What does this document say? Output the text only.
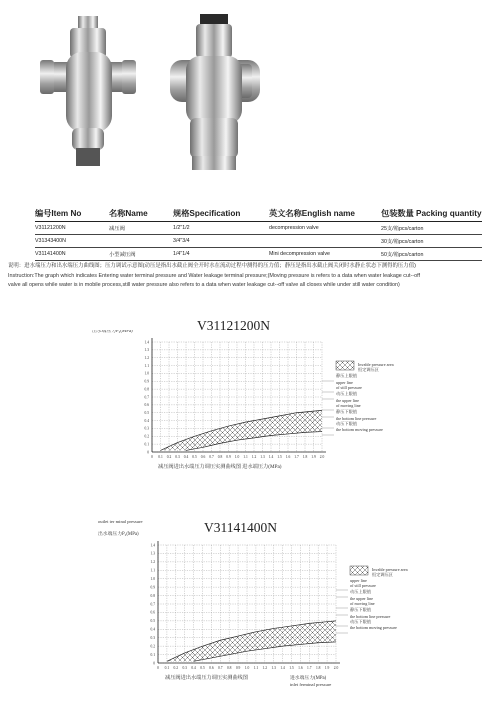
编号Item No	名称Name	规格Specification	英文名称English name	包装数量 Packing quantity
V31121200N	减压阀	1/2"1/2	decompression valve	25支/箱pcs/carton
V31343400N		3/4"3/4		30支/箱pcs/carton
V31141400N	小型减压阀	1/4"1/4	Mini decompression valve	50支/箱pcs/carton
说明：进水端压力和出水端压力曲线图；压力调试示意图(动压是指出水截止阀全开时水在流动过程中测得的压力值；静压是指出水截止阀关闭时水静止状态下测得的压力值)
Instruction:The graph which indicates Entering water terminal pressure and Water leakage terminal pressure;(Moving pressure is refers to a data when water leakage cut--off
valve all opens while water is in mobile process,still water pressure also refers to a data when water leakage cut--off valve all closes while under still water condition)
V31121200N
0 0.1 0.2 0.3 0.4 0.5 0.6 0.7 0.8 0.9 1.0 1.1 1.2 1.3 1.4 1.5 1.6 1.7 1.8 1.9 2.0
0
0.1
0.2
0.3
0.4
0.5
0.6
0.7
0.8
0.9
1.0
1.1
1.2
1.3
1.4
出水端压力P₂(MPa)
减压阀进出水端压力调压实测曲线图 进水端压力(MPa)
Invable pressure area
恒定调压区
静压上限值
upper line
of still pressure
动压上限值
the upper line
of moving line
静压下限值
the bottom line pressure
动压下限值
the bottom moving pressure
V31141400N
0 0.1 0.2 0.3 0.4 0.5 0.6 0.7 0.8 0.9 1.0 1.1 1.2 1.3 1.4 1.5 1.6 1.7 1.8 1.9 2.0
0
0.1
0.2
0.3
0.4
0.5
0.6
0.7
0.8
0.9
1.0
1.1
1.2
1.3
1.4
outlet ter minal pressure
出水端压力P₂(MPa)
减压阀进出水端压力调压实测曲线图	进水端压力(MPa)
inlet ferminal pressure
Invable pressure area
恒定调压区
upper line
of still pressure
动压上限值
the upper line
of moving line
静压下限值
the bottom line pressure
动压下限值
the bottom moving pressure
